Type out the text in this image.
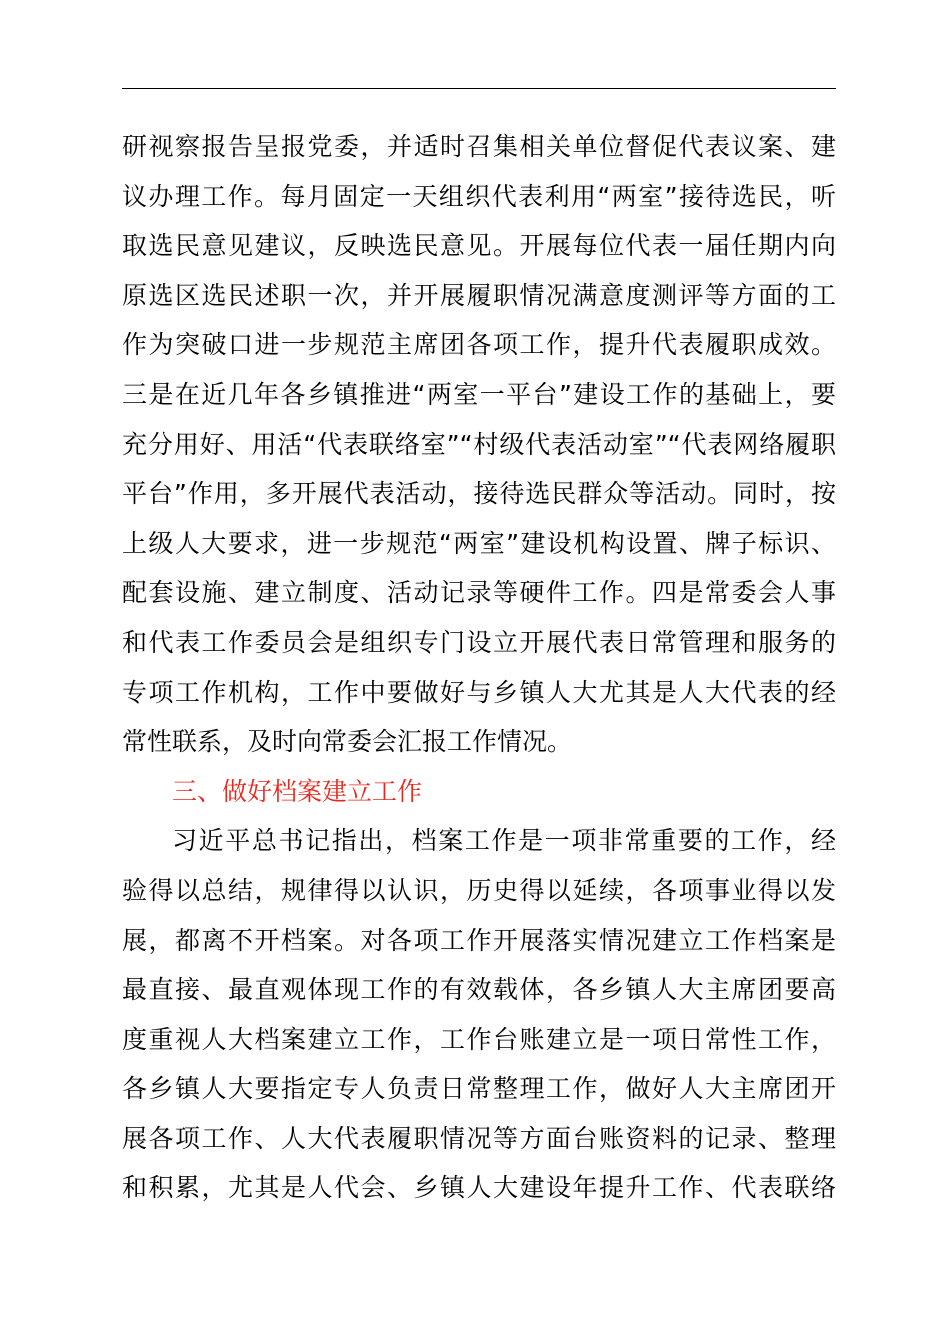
研视察报告呈报党委，并适时召集相关单位督促代表议案、建
议办理工作。每月固定一天组织代表利用“两室”接待选民，听
取选民意见建议，反映选民意见。开展每位代表一届任期内向
原选区选民述职一次，并开展履职情况满意度测评等方面的工
作为突破口进一步规范主席团各项工作，提升代表履职成效。
三是在近几年各乡镇推进“两室一平台”建设工作的基础上，要
充分用好、用活“代表联络室”“村级代表活动室”“代表网络履职
平台”作用，多开展代表活动，接待选民群众等活动。同时，按
上级人大要求，进一步规范“两室”建设机构设置、牌子标识、
配套设施、建立制度、活动记录等硬件工作。四是常委会人事
和代表工作委员会是组织专门设立开展代表日常管理和服务的
专项工作机构，工作中要做好与乡镇人大尤其是人大代表的经
常性联系，及时向常委会汇报工作情况。
三、做好档案建立工作
习近平总书记指出，档案工作是一项非常重要的工作，经
验得以总结，规律得以认识，历史得以延续，各项事业得以发
展，都离不开档案。对各项工作开展落实情况建立工作档案是
最直接、最直观体现工作的有效载体，各乡镇人大主席团要高
度重视人大档案建立工作，工作台账建立是一项日常性工作，
各乡镇人大要指定专人负责日常整理工作，做好人大主席团开
展各项工作、人大代表履职情况等方面台账资料的记录、整理
和积累，尤其是人代会、乡镇人大建设年提升工作、代表联络
